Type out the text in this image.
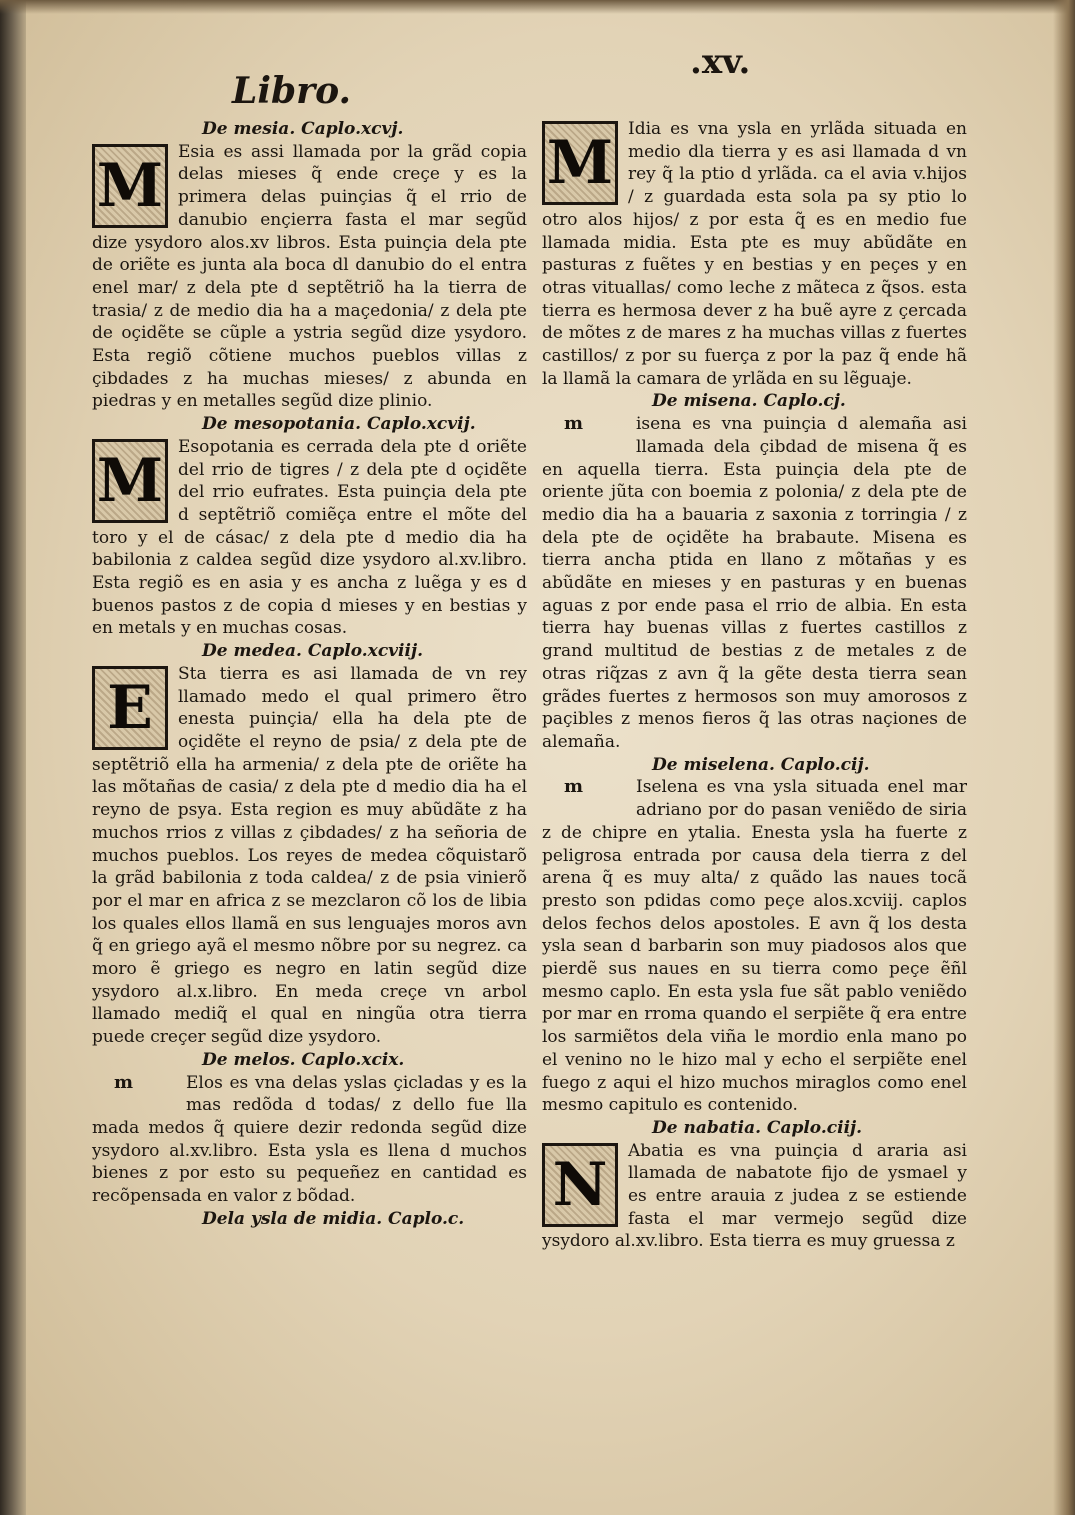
Libro.
.xv.
De mesia. Caplo.xcvj.

M Esia es assi llamada por la grãd copia delas mieses q̃ ende creçe y es la primera delas puinçias q̃ el rrio de danubio ençierra fasta el mar segũd dize ysydoro alos.xv libros. Esta puinçia dela pte de oriẽte es junta ala boca dl danubio do el entra enel mar/ z dela pte d septẽtriõ ha la tierra de trasia/ z de medio dia ha a maçedonia/ z dela pte de oçidẽte se cũple a ystria segũd dize ysydoro. Esta regiõ cõtiene muchos pueblos villas z çibdades z ha muchas mieses/ z abunda en piedras y en metalles segũd dize plinio.

De mesopotania. Caplo.xcvij.

M Esopotania es cerrada dela pte d oriẽte del rrio de tigres / z dela pte d oçidẽte del rrio eufrates. Esta puinçia dela pte d septẽtriõ comiẽça entre el mõte del toro y el de cásac/ z dela pte d medio dia ha babilonia z caldea segũd dize ysydoro al.xv.libro. Esta regiõ es en asia y es ancha z luẽga y es d buenos pastos z de copia d mieses y en bestias y en metals y en muchas cosas.

De medea. Caplo.xcviij.

E	Sta tierra es asi llamada de vn rey llamado medo el qual primero ẽtro enesta puinçia/ ella ha dela pte de oçidẽte el reyno de psia/ z dela pte de septẽtriõ ella ha armenia/ z dela pte de oriẽte ha las mõtañas de casia/ z dela pte d medio dia ha el reyno de psya. Esta region es muy abũdãte z ha muchos rrios z villas z çibdades/ z ha señoria de muchos pueblos. Los reyes de medea cõquistarõ la grãd babilonia z toda caldea/ z de psia vinierõ por el mar en africa z se mezclaron cõ los de libia los quales ellos llamã en sus lenguajes moros avn q̃ en griego ayã el mesmo nõbre por su negrez. ca moro ẽ griego es negro en latin segũd dize ysydoro al.x.libro. En meda creçe vn arbol llamado mediq̃ el qual en ningũa otra tierra puede creçer segũd dize ysydoro.

De melos. Caplo.xcix.

m	Elos es vna delas yslas çicladas y es la mas redõda d todas/ z dello fue lla mada medos q̃ quiere dezir redonda segũd dize ysydoro al.xv.libro. Esta ysla es llena d muchos bienes z por esto su pequeñez en cantidad es recõpensada en valor z bõdad.

Dela ysla de midia. Caplo.c.

M Idia es vna ysla en yrlãda situada en medio dla tierra y es asi llamada d vn rey q̃ la ptio d yrlãda. ca el avia v.hijos / z guardada esta sola pa sy ptio lo otro alos hijos/ z por esta q̃ es en medio fue llamada midia. Esta pte es muy abũdãte en pasturas z fuẽtes y en bestias y en peçes y en otras vituallas/ como leche z mãteca z q̃sos. esta tierra es hermosa dever z ha buẽ ayre z çercada de mõtes z de mares z ha muchas villas z fuertes castillos/ z por su fuerça z por la paz q̃ ende hã la llamã la camara de yrlãda en su lẽguaje.

De misena. Caplo.cj.

m	isena es vna puinçia d alemaña asi llamada dela çibdad de misena q̃ es en aquella tierra. Esta puinçia dela pte de oriente jũta con boemia z polonia/ z dela pte de medio dia ha a bauaria z saxonia z torringia / z dela pte de oçidẽte ha brabaute. Misena es tierra ancha ptida en llano z mõtañas y es abũdãte en mieses y en pasturas y en buenas aguas z por ende pasa el rrio de albia. En esta tierra hay buenas villas z fuertes castillos z grand multitud de bestias z de metales z de otras riq̃zas z avn q̃ la gẽte desta tierra sean grãdes fuertes z hermosos son muy amorosos z paçibles z menos fieros q̃ las otras naçiones de alemaña.

De miselena. Caplo.cij.

m	Iselena es vna ysla situada enel mar adriano por do pasan veniẽdo de siria z de chipre en ytalia. Enesta ysla ha fuerte z peligrosa entrada por causa dela tierra z del arena q̃ es muy alta/ z quãdo las naues tocã presto son pdidas como peçe alos.xcviij. caplos delos fechos delos apostoles. E avn q̃ los desta ysla sean d barbarin son muy piadosos alos que pierdẽ sus naues en su tierra como peçe ẽñl mesmo caplo. En esta ysla fue sãt pablo veniẽdo por mar en rroma quando el serpiẽte q̃ era entre los sarmiẽtos dela viña le mordio enla mano po el venino no le hizo mal y echo el serpiẽte enel fuego z aqui el hizo muchos miraglos como enel mesmo capitulo es contenido.

De nabatia. Caplo.ciij.

N	Abatia es vna puinçia d araria asi llamada de nabatote fijo de ysmael y es entre arauia z judea z se estiende fasta el mar vermejo segũd dize ysydoro al.xv.libro. Esta tierra es muy gruessa z
